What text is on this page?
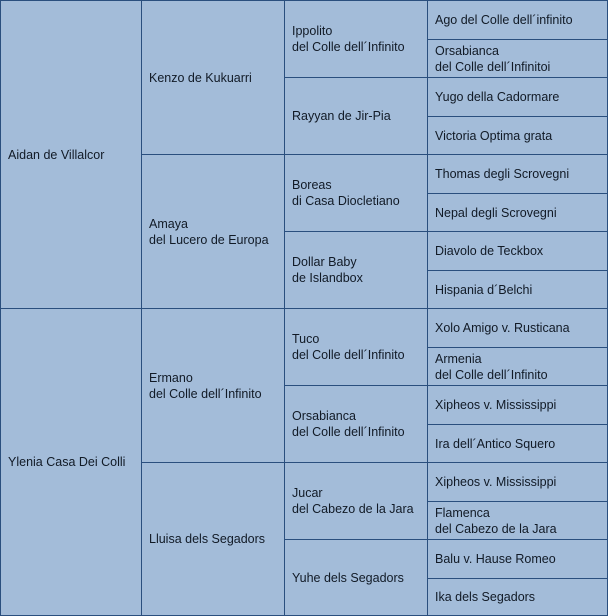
Aidan de Villalcor
Ylenia Casa Dei Colli
Kenzo de Kukuarri
Amaya
del Lucero de Europa
Ermano
del Colle dell´Infinito
Lluisa dels Segadors
Ippolito
del Colle dell´Infinito
Rayyan de Jir-Pia
Boreas
di Casa Diocletiano
Dollar Baby
de Islandbox
Tuco
del Colle dell´Infinito
Orsabianca
del Colle dell´Infinito
Jucar
del Cabezo de la Jara
Yuhe dels Segadors
Ago del Colle dell´infinito
Orsabianca
del Colle dell´Infinitoi
Yugo della Cadormare
Victoria Optima grata
Thomas degli Scrovegni
Nepal degli Scrovegni
Diavolo de Teckbox
Hispania d´Belchi
Xolo Amigo v. Rusticana
Armenia
del Colle dell´Infinito
Xipheos v. Mississippi
Ira dell´Antico Squero
Xipheos v. Mississippi
Flamenca
del Cabezo de la Jara
Balu v. Hause Romeo
Ika dels Segadors
